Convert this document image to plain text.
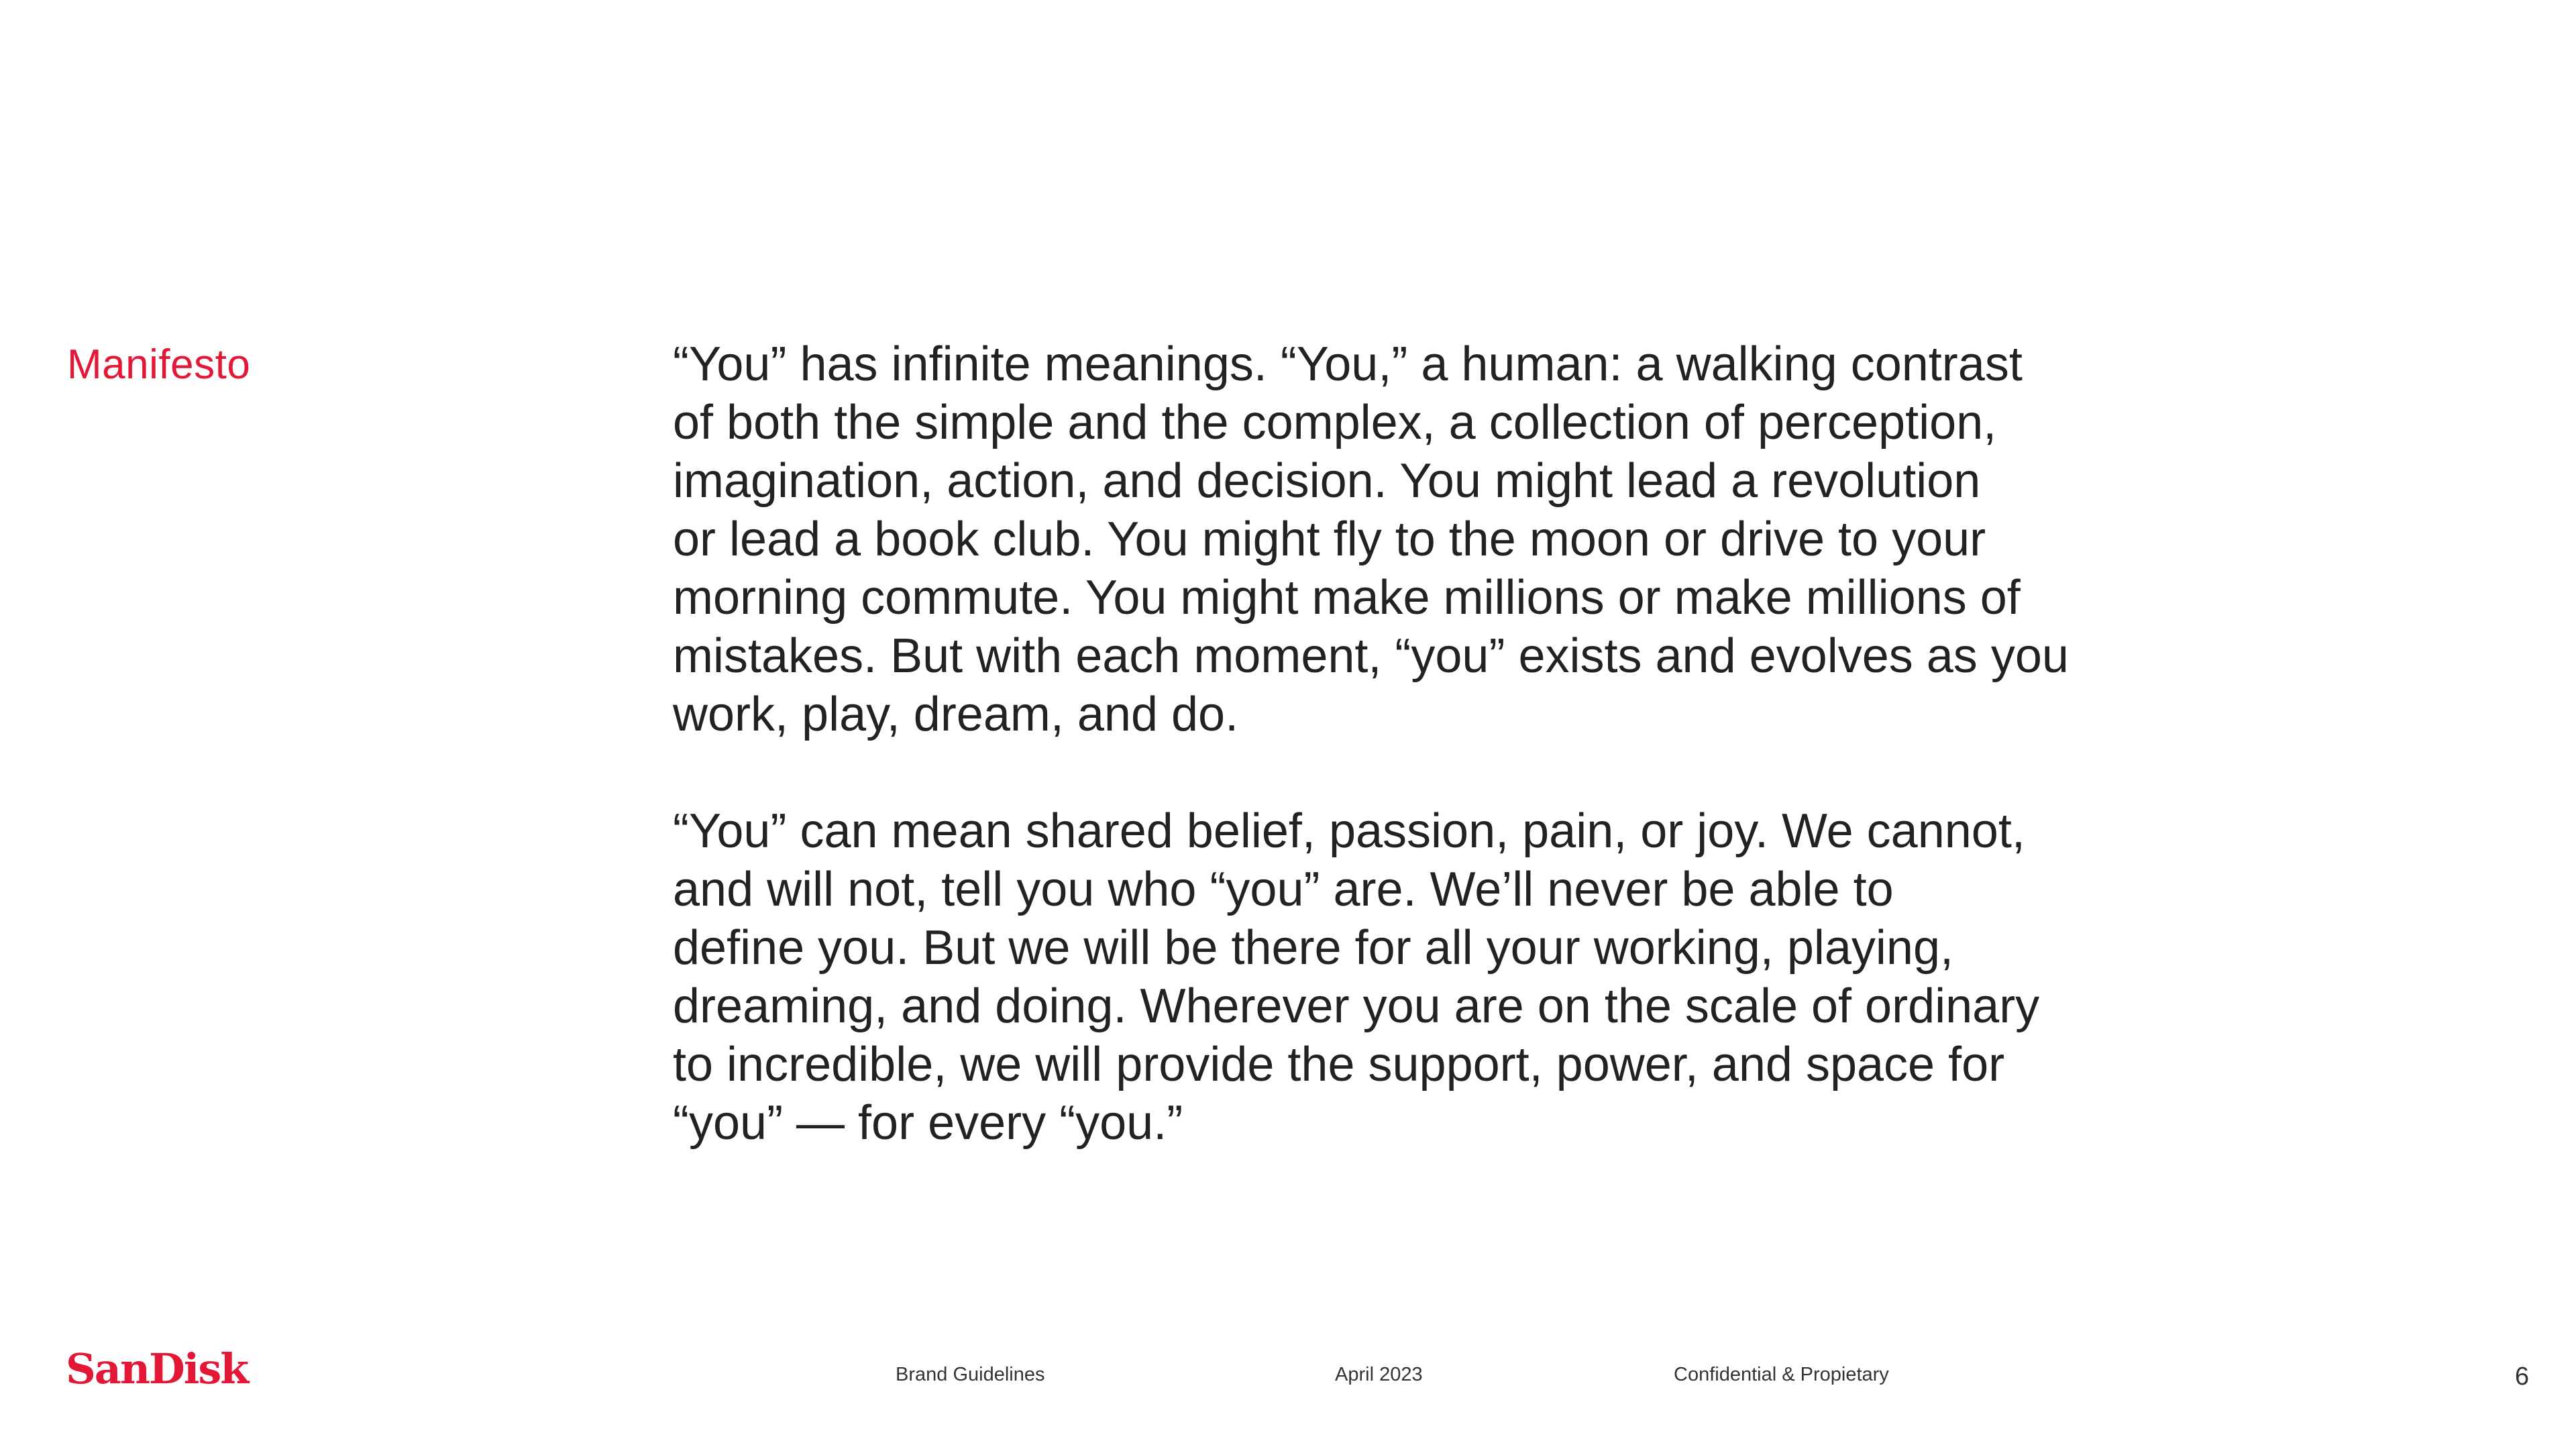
Manifesto	“You” has infinite meanings. “You,” a human: a walking contrast
of both the simple and the complex, a collection of perception,
imagination, action, and decision. You might lead a revolution
or lead a book club. You might fly to the moon or drive to your
morning commute. You might make millions or make millions of
mistakes. But with each moment, “you” exists and evolves as you
work, play, dream, and do.

“You” can mean shared belief, passion, pain, or joy. We cannot,
and will not, tell you who “you” are. We’ll never be able to
define you. But we will be there for all your working, playing,
dreaming, and doing. Wherever you are on the scale of ordinary
to incredible, we will provide the support, power, and space for
“you” — for every “you.”

SanDisk	Brand Guidelines	April 2023	Confidential & Propietary	6
